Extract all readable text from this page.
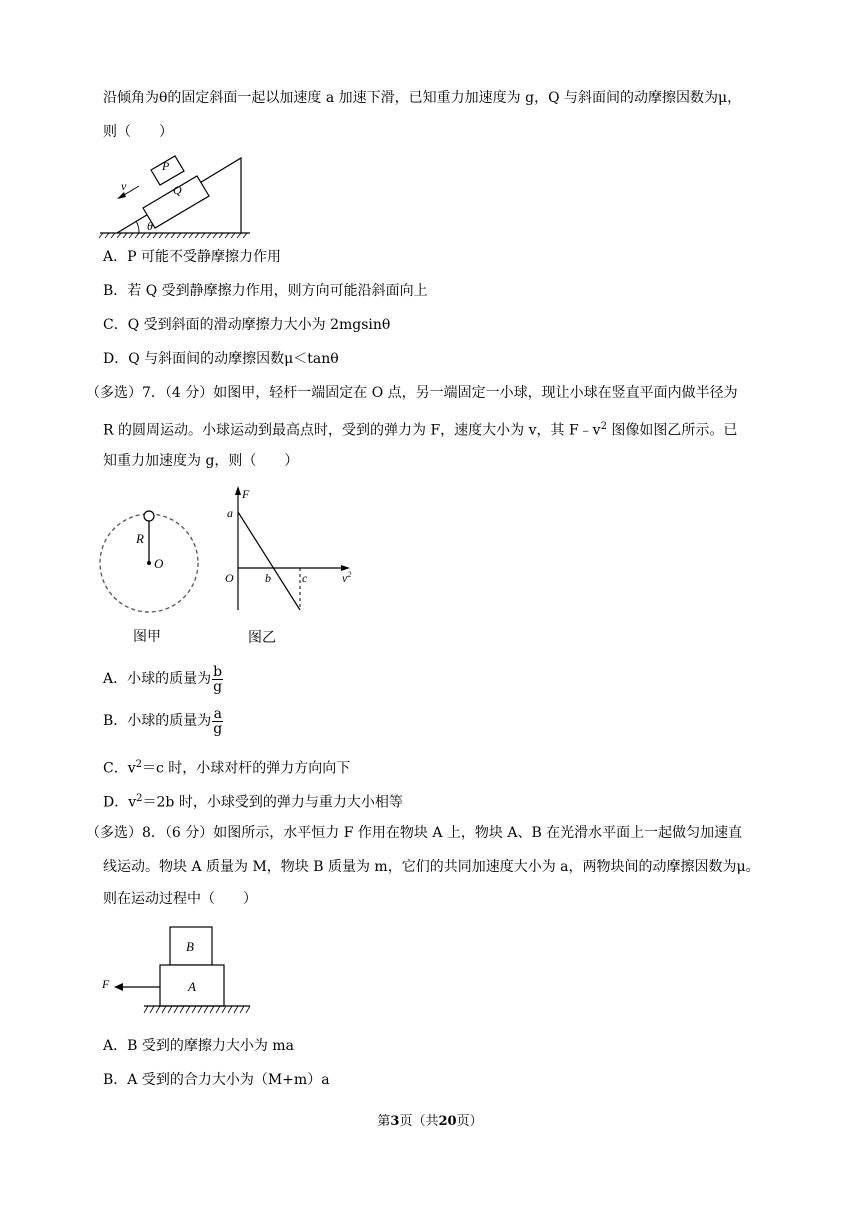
沿倾角为θ的固定斜面一起以加速度 a 加速下滑，已知重力加速度为 g，Q 与斜面间的动摩擦因数为μ，
则（　　）
P
Q
v
θ
A．P 可能不受静摩擦力作用
B．若 Q 受到静摩擦力作用，则方向可能沿斜面向上
C．Q 受到斜面的滑动摩擦力大小为 2mgsinθ
D．Q 与斜面间的动摩擦因数μ＜tanθ
（多选）7．（4 分）如图甲，轻杆一端固定在 O 点，另一端固定一小球，现让小球在竖直平面内做半径为
R 的圆周运动。小球运动到最高点时，受到的弹力为 F，速度大小为 v，其 $F﹣v^2$ 图像如图乙所示。已
知重力加速度为 g，则（　　）
R
O
图甲
F
a
O	b	c	$v^2$
图乙
A．小球的质量为 $\frac{b}{g}$
B．小球的质量为 $\frac{a}{g}$
C．$v^2=c$ 时，小球对杆的弹力方向向下
D．$v^2=2b$ 时，小球受到的弹力与重力大小相等
（多选）8．（6 分）如图所示，水平恒力 F 作用在物块 A 上，物块 A、B 在光滑水平面上一起做匀加速直
线运动。物块 A 质量为 M，物块 B 质量为 m，它们的共同加速度大小为 a，两物块间的动摩擦因数为μ。
则在运动过程中（　　）
F
B
A
A．B 受到的摩擦力大小为 ma
B．A 受到的合力大小为（M+m）a
第3页（共20页）
